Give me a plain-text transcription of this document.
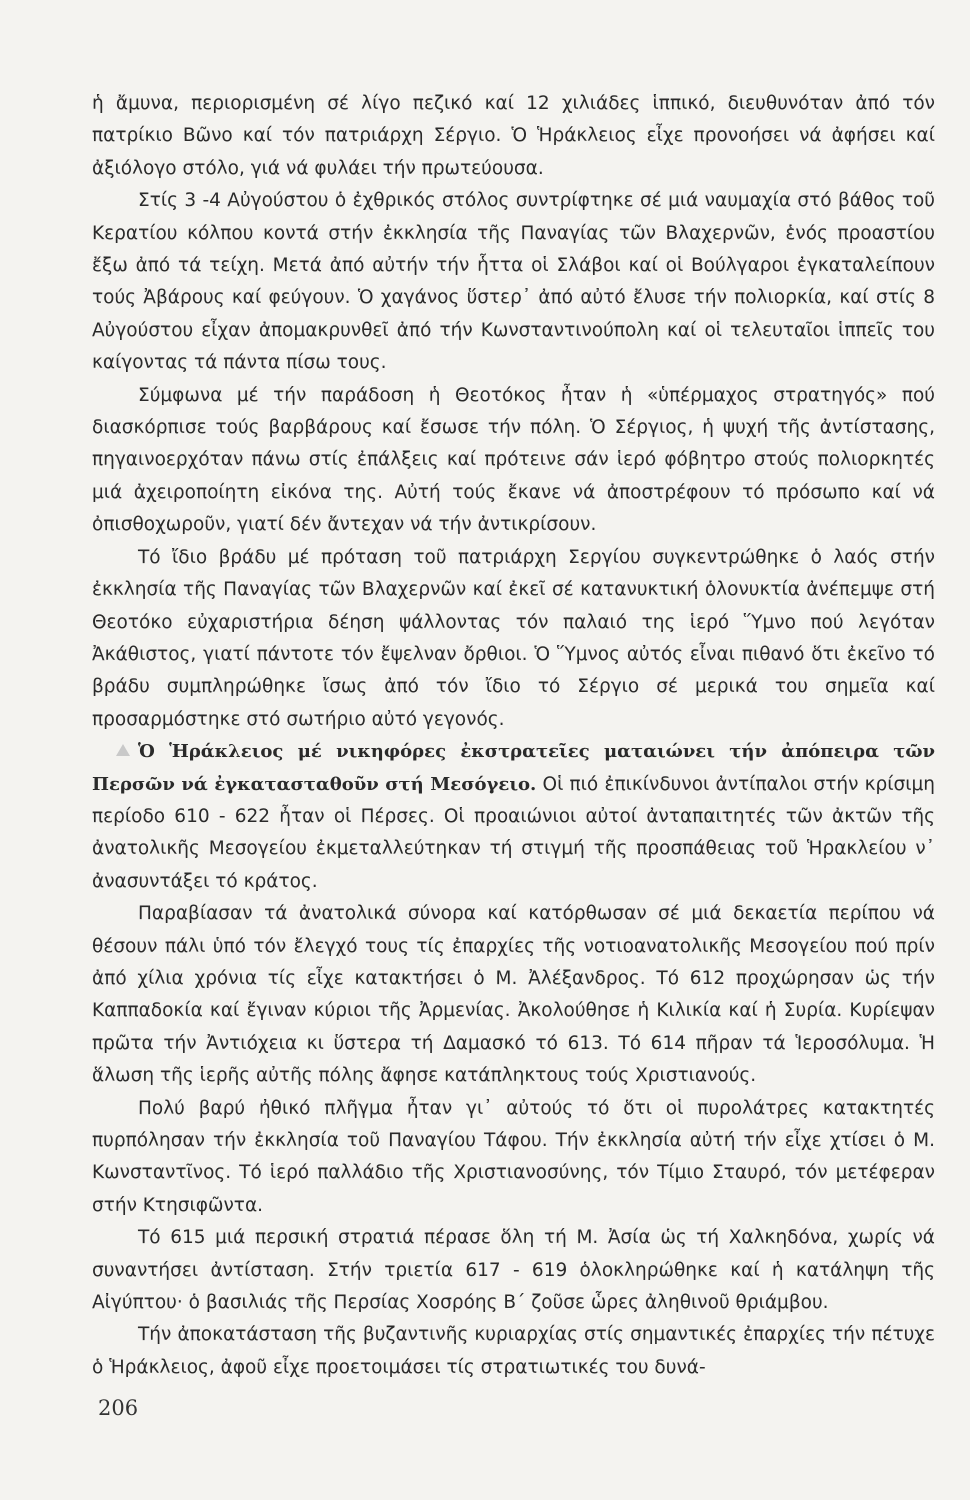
ἡ ἄμυνα, περιορισμένη σέ λίγο πεζικό καί 12 χιλιάδες ἱππικό, διευθυνόταν ἀπό τόν πατρίκιο Βῶνο καί τόν πατριάρχη Σέργιο. Ὁ Ἡράκλειος εἶχε προνοήσει νά ἀφήσει καί ἀξιόλογο στόλο, γιά νά φυλάει τήν πρωτεύουσα.

Στίς 3 -4 Αὐγούστου ὁ ἐχθρικός στόλος συντρίφτηκε σέ μιά ναυμαχία στό βάθος τοῦ Κερατίου κόλπου κοντά στήν ἐκκλησία τῆς Παναγίας τῶν Βλαχερνῶν, ἑνός προαστίου ἔξω ἀπό τά τείχη. Μετά ἀπό αὐτήν τήν ἧττα οἱ Σλάβοι καί οἱ Βούλγαροι ἐγκαταλείπουν τούς Ἀβάρους καί φεύγουν. Ὁ χαγάνος ὕστερ᾽ ἀπό αὐτό ἔλυσε τήν πολιορκία, καί στίς 8 Αὐγούστου εἶχαν ἀπομακρυνθεῖ ἀπό τήν Κωνσταντινούπολη καί οἱ τελευταῖοι ἱππεῖς του καίγοντας τά πάντα πίσω τους.

Σύμφωνα μέ τήν παράδοση ἡ Θεοτόκος ἦταν ἡ «ὑπέρμαχος στρατηγός» πού διασκόρπισε τούς βαρβάρους καί ἔσωσε τήν πόλη. Ὁ Σέργιος, ἡ ψυχή τῆς ἀντίστασης, πηγαινοερχόταν πάνω στίς ἐπάλξεις καί πρότεινε σάν ἱερό φόβητρο στούς πολιορκητές μιά ἀχειροποίητη εἰκόνα της. Αὐτή τούς ἔκανε νά ἀποστρέφουν τό πρόσωπο καί νά ὀπισθοχωροῦν, γιατί δέν ἄντεχαν νά τήν ἀντικρίσουν.

Τό ἴδιο βράδυ μέ πρόταση τοῦ πατριάρχη Σεργίου συγκεντρώθηκε ὁ λαός στήν ἐκκλησία τῆς Παναγίας τῶν Βλαχερνῶν καί ἐκεῖ σέ κατανυκτική ὁλονυκτία ἀνέπεμψε στή Θεοτόκο εὐχαριστήρια δέηση ψάλλοντας τόν παλαιό της ἱερό Ὕμνο πού λεγόταν Ἀκάθιστος, γιατί πάντοτε τόν ἔψελναν ὄρθιοι. Ὁ Ὕμνος αὐτός εἶναι πιθανό ὅτι ἐκεῖνο τό βράδυ συμπληρώθηκε ἴσως ἀπό τόν ἴδιο τό Σέργιο σέ μερικά του σημεῖα καί προσαρμόστηκε στό σωτήριο αὐτό γεγονός.

Ὁ Ἡράκλειος μέ νικηφόρες ἐκστρατεῖες ματαιώνει τήν ἀπόπειρα τῶν Περσῶν νά ἐγκατασταθοῦν στή Μεσόγειο. Οἱ πιό ἐπικίνδυνοι ἀντίπαλοι στήν κρίσιμη περίοδο 610 - 622 ἦταν οἱ Πέρσες. Οἱ προαιώνιοι αὐτοί ἀνταπαιτητές τῶν ἀκτῶν τῆς ἀνατολικῆς Μεσογείου ἐκμεταλλεύτηκαν τή στιγμή τῆς προσπάθειας τοῦ Ἡρακλείου ν᾽ ἀνασυντάξει τό κράτος.

Παραβίασαν τά ἀνατολικά σύνορα καί κατόρθωσαν σέ μιά δεκαετία περίπου νά θέσουν πάλι ὑπό τόν ἔλεγχό τους τίς ἐπαρχίες τῆς νοτιοανατολικῆς Μεσογείου πού πρίν ἀπό χίλια χρόνια τίς εἶχε κατακτήσει ὁ Μ. Ἀλέξανδρος. Τό 612 προχώρησαν ὡς τήν Καππαδοκία καί ἔγιναν κύριοι τῆς Ἀρμενίας. Ἀκολούθησε ἡ Κιλικία καί ἡ Συρία. Κυρίεψαν πρῶτα τήν Ἀντιόχεια κι ὕστερα τή Δαμασκό τό 613. Τό 614 πῆραν τά Ἱεροσόλυμα. Ἡ ἅλωση τῆς ἱερῆς αὐτῆς πόλης ἄφησε κατάπληκτους τούς Χριστιανούς.

Πολύ βαρύ ἠθικό πλῆγμα ἦταν γι᾽ αὐτούς τό ὅτι οἱ πυρολάτρες κατακτητές πυρπόλησαν τήν ἐκκλησία τοῦ Παναγίου Τάφου. Τήν ἐκκλησία αὐτή τήν εἶχε χτίσει ὁ Μ. Κωνσταντῖνος. Τό ἱερό παλλάδιο τῆς Χριστιανοσύνης, τόν Τίμιο Σταυρό, τόν μετέφεραν στήν Κτησιφῶντα.

Τό 615 μιά περσική στρατιά πέρασε ὅλη τή Μ. Ἀσία ὡς τή Χαλκηδόνα, χωρίς νά συναντήσει ἀντίσταση. Στήν τριετία 617 - 619 ὁλοκληρώθηκε καί ἡ κατάληψη τῆς Αἰγύπτου· ὁ βασιλιάς τῆς Περσίας Χοσρόης Β´ ζοῦσε ὧρες ἀληθινοῦ θριάμβου.

Τήν ἀποκατάσταση τῆς βυζαντινῆς κυριαρχίας στίς σημαντικές ἐπαρχίες τήν πέτυχε ὁ Ἡράκλειος, ἀφοῦ εἶχε προετοιμάσει τίς στρατιωτικές του δυνά-

206
